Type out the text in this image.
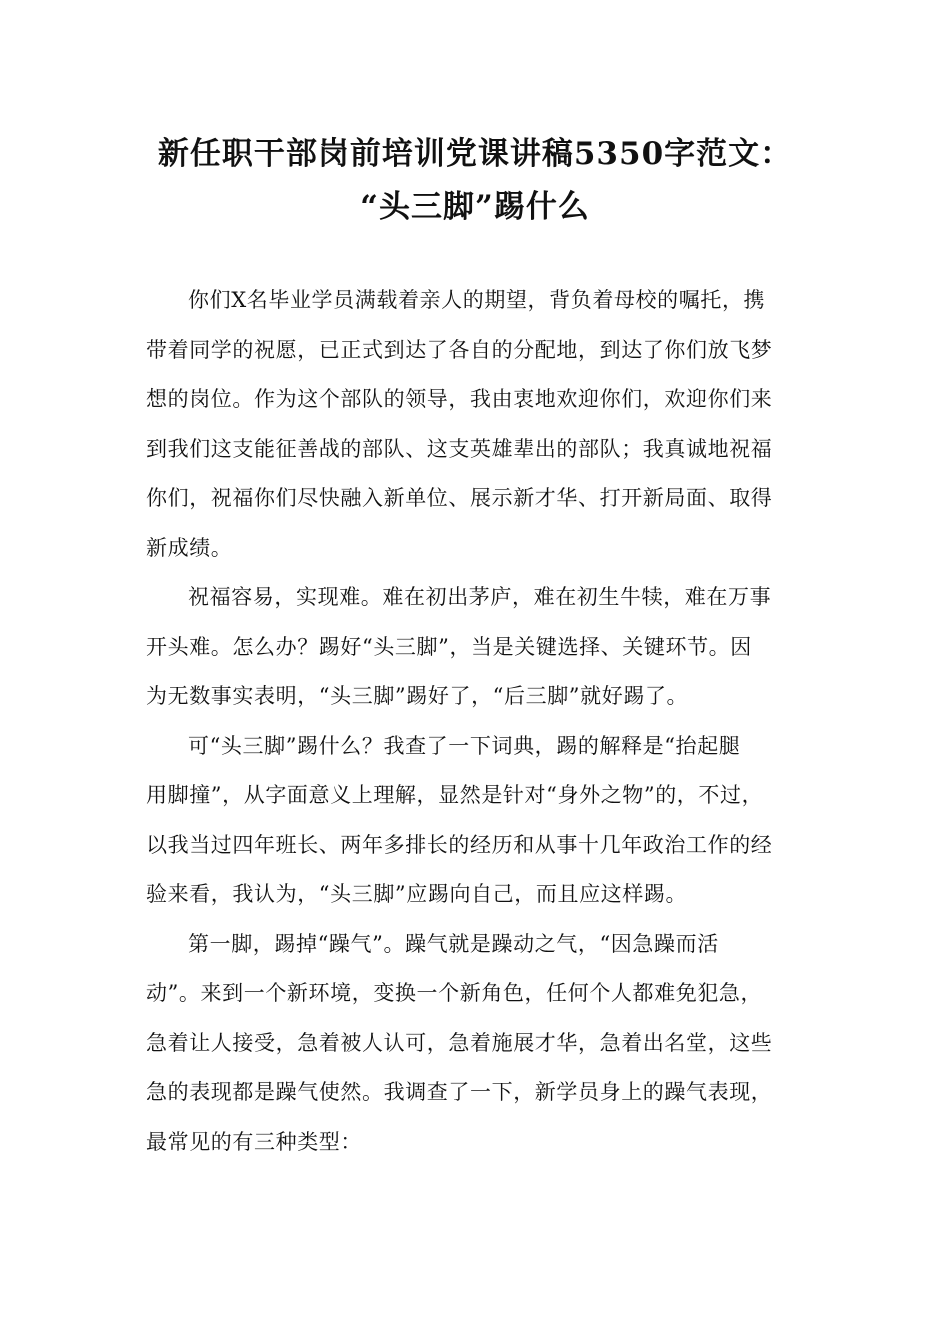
新任职干部岗前培训党课讲稿5350字范文：
“头三脚”踢什么

你们X名毕业学员满载着亲人的期望，背负着母校的嘱托，携
带着同学的祝愿，已正式到达了各自的分配地，到达了你们放飞梦
想的岗位。作为这个部队的领导，我由衷地欢迎你们，欢迎你们来
到我们这支能征善战的部队、这支英雄辈出的部队；我真诚地祝福
你们，祝福你们尽快融入新单位、展示新才华、打开新局面、取得
新成绩。

祝福容易，实现难。难在初出茅庐，难在初生牛犊，难在万事
开头难。怎么办？踢好“头三脚”，当是关键选择、关键环节。因
为无数事实表明，“头三脚”踢好了，“后三脚”就好踢了。

可“头三脚”踢什么？我查了一下词典，踢的解释是“抬起腿
用脚撞”，从字面意义上理解，显然是针对“身外之物”的，不过，
以我当过四年班长、两年多排长的经历和从事十几年政治工作的经
验来看，我认为，“头三脚”应踢向自己，而且应这样踢。

第一脚，踢掉“躁气”。躁气就是躁动之气，“因急躁而活
动”。来到一个新环境，变换一个新角色，任何个人都难免犯急，
急着让人接受，急着被人认可，急着施展才华，急着出名堂，这些
急的表现都是躁气使然。我调查了一下，新学员身上的躁气表现，
最常见的有三种类型：
